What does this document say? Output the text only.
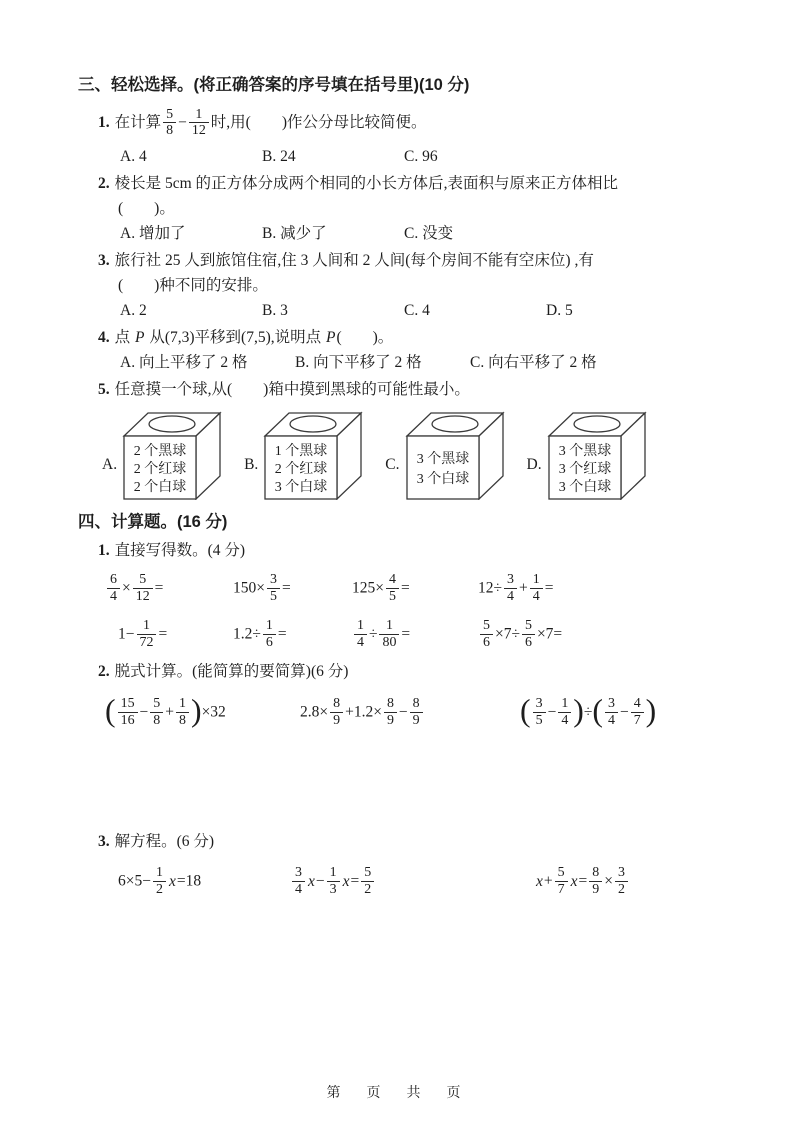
三、轻松选择。(将正确答案的序号填在括号里)(10 分)
1. 在计算 $\frac{5}{8} - \frac{1}{12}$ 时,用(　　)作公分母比较简便。
A. 4	B. 24	C. 96
2. 棱长是 5cm 的正方体分成两个相同的小长方体后,表面积与原来正方体相比
(　　)。
A. 增加了	B. 减少了	C. 没变
3. 旅行社 25 人到旅馆住宿,住 3 人间和 2 人间(每个房间不能有空床位) ,有
(　　)种不同的安排。
A. 2	B. 3	C. 4	D. 5
4. 点 P 从(7,3)平移到(7,5),说明点 P(　　)。
A. 向上平移了 2 格	B. 向下平移了 2 格	C. 向右平移了 2 格
5. 任意摸一个球,从(　　)箱中摸到黑球的可能性最小。
A.
2 个黑球
2 个红球
2 个白球
B.
1 个黑球
2 个红球
3 个白球
C. 3 个黑球
3 个白球
D.
3 个黑球
3 个红球
3 个白球
四、计算题。(16 分)
1. 直接写得数。(4 分)
$\frac{6}{4} \times \frac{5}{12}$ =	$150\times \frac{3}{5}$ =	$125\times \frac{4}{5}$ =	$12\div \frac{3}{4} + \frac{1}{4}$ =
$1- \frac{1}{72}$ =	$1.2\div \frac{1}{6}$ =	$\frac{1}{4} \div \frac{1}{80}$ =	$\frac{5}{6} \times 7\div \frac{5}{6} \times 7=$
2. 脱式计算。(能简算的要简算)(6 分)
( $\frac{15}{16} - \frac{5}{8} + \frac{1}{8} )\times 32$	$2.8\times \frac{8}{9} +1.2\times \frac{8}{9} - \frac{8}{9}$	( $\frac{3}{5} - \frac{1}{4}$ )÷( $\frac{3}{4} - \frac{4}{7}$ )
3. 解方程。(6 分)
$6\times 5- \frac{1}{2} x=18$	$\frac{3}{4} x- \frac{1}{3} x= \frac{5}{2}$	$x+ \frac{5}{7} x= \frac{8}{9} \times \frac{3}{2}$
第　页　共　页
